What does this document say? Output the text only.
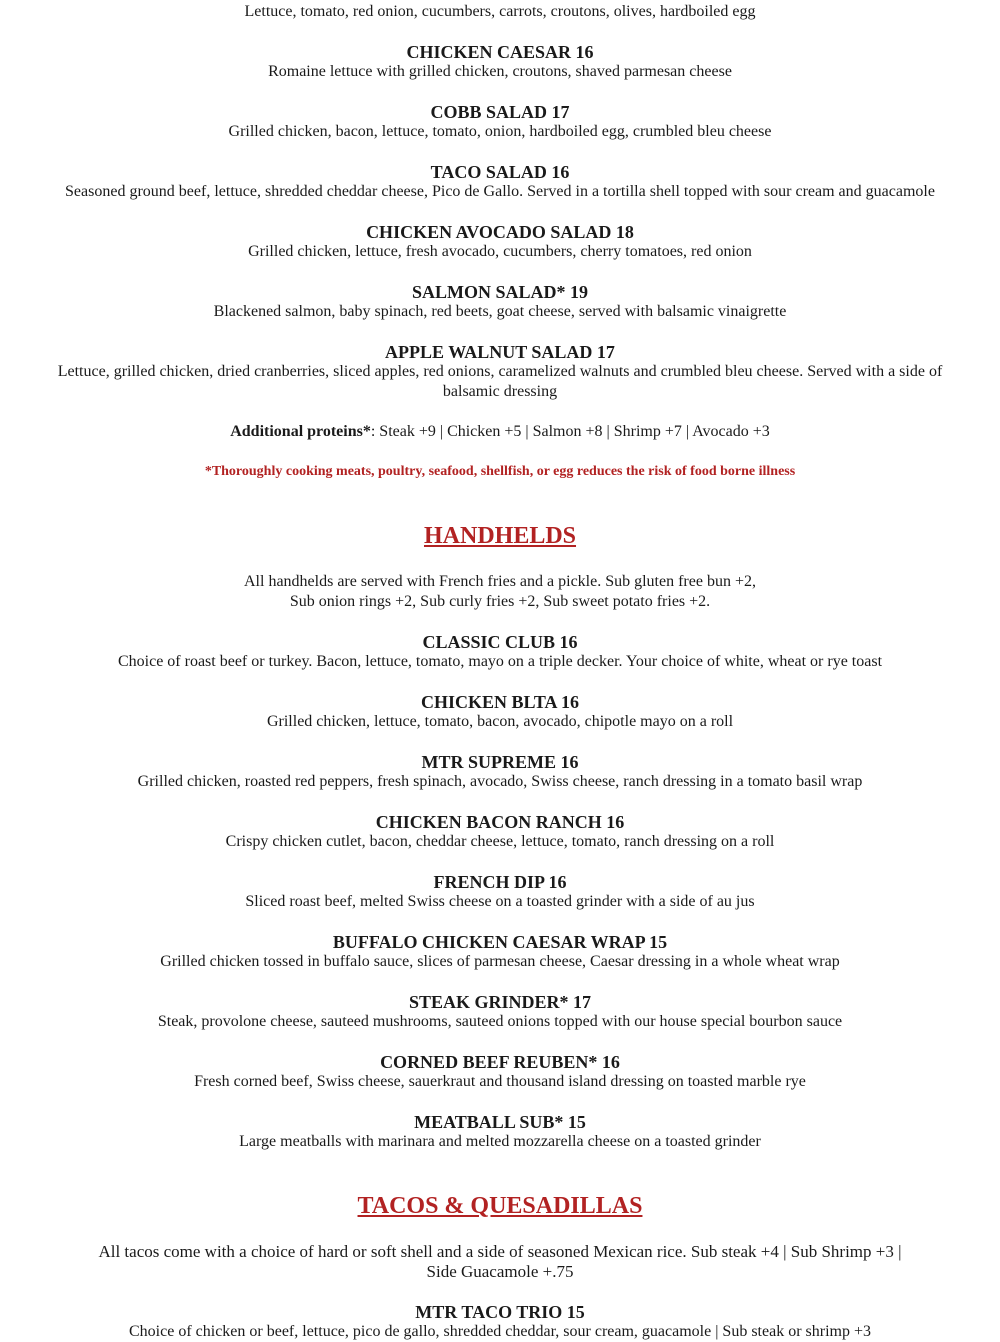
Lettuce, tomato, red onion, cucumbers, carrots, croutons, olives, hardboiled egg

CHICKEN CAESAR 16

Romaine lettuce with grilled chicken, croutons, shaved parmesan cheese

COBB SALAD 17

Grilled chicken, bacon, lettuce, tomato, onion, hardboiled egg, crumbled bleu cheese

TACO SALAD 16

Seasoned ground beef, lettuce, shredded cheddar cheese, Pico de Gallo. Served in a tortilla shell topped with sour cream and guacamole

CHICKEN AVOCADO SALAD 18

Grilled chicken, lettuce, fresh avocado, cucumbers, cherry tomatoes, red onion

SALMON SALAD* 19

Blackened salmon, baby spinach, red beets, goat cheese, served with balsamic vinaigrette

APPLE WALNUT SALAD 17

Lettuce, grilled chicken, dried cranberries, sliced apples, red onions, caramelized walnuts and crumbled bleu cheese. Served with a side of balsamic dressing

Additional proteins*: Steak +9 | Chicken +5 | Salmon +8 | Shrimp +7 | Avocado +3

*Thoroughly cooking meats, poultry, seafood, shellfish, or egg reduces the risk of food borne illness

HANDHELDS

All handhelds are served with French fries and a pickle. Sub gluten free bun +2,

Sub onion rings +2, Sub curly fries +2, Sub sweet potato fries +2.

CLASSIC CLUB 16

Choice of roast beef or turkey. Bacon, lettuce, tomato, mayo on a triple decker. Your choice of white, wheat or rye toast

CHICKEN BLTA 16

Grilled chicken, lettuce, tomato, bacon, avocado, chipotle mayo on a roll

MTR SUPREME 16

Grilled chicken, roasted red peppers, fresh spinach, avocado, Swiss cheese, ranch dressing in a tomato basil wrap

CHICKEN BACON RANCH 16

Crispy chicken cutlet, bacon, cheddar cheese, lettuce, tomato, ranch dressing on a roll

FRENCH DIP 16

Sliced roast beef, melted Swiss cheese on a toasted grinder with a side of au jus

BUFFALO CHICKEN CAESAR WRAP 15

Grilled chicken tossed in buffalo sauce, slices of parmesan cheese, Caesar dressing in a whole wheat wrap

STEAK GRINDER* 17

Steak, provolone cheese, sauteed mushrooms, sauteed onions topped with our house special bourbon sauce

CORNED BEEF REUBEN* 16

Fresh corned beef, Swiss cheese, sauerkraut and thousand island dressing on toasted marble rye

MEATBALL SUB* 15

Large meatballs with marinara and melted mozzarella cheese on a toasted grinder

TACOS & QUESADILLAS

All tacos come with a choice of hard or soft shell and a side of seasoned Mexican rice. Sub steak +4 | Sub Shrimp +3 | Side Guacamole +.75

MTR TACO TRIO 15

Choice of chicken or beef, lettuce, pico de gallo, shredded cheddar, sour cream, guacamole | Sub steak or shrimp +3
